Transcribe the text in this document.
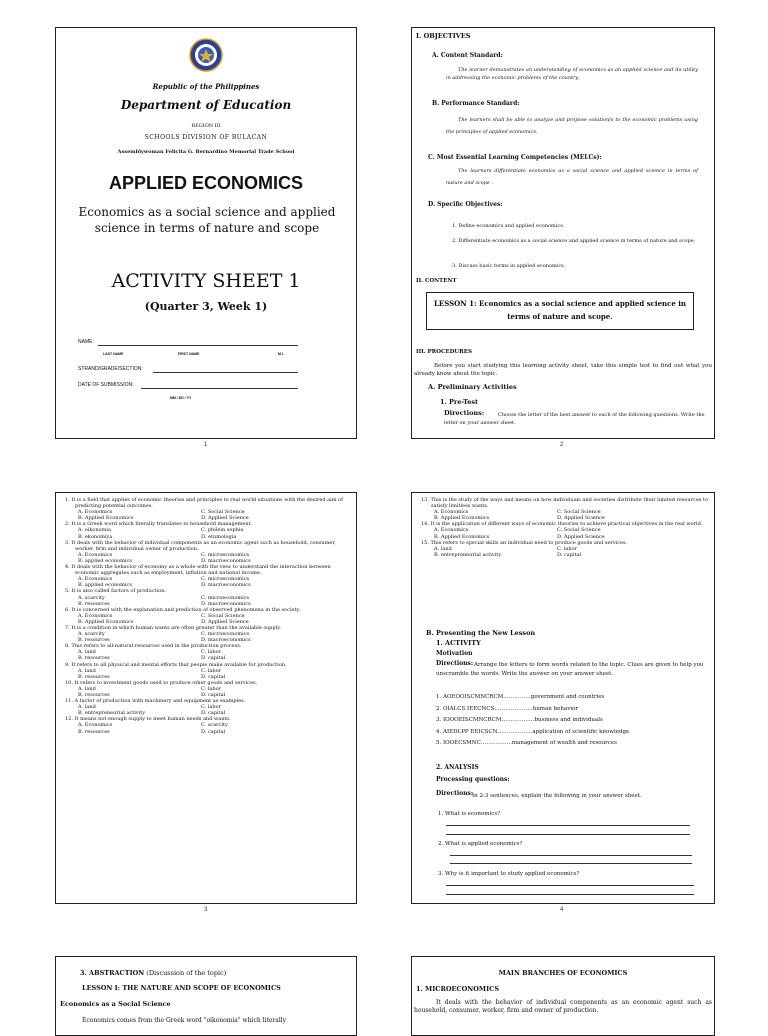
Republic of the Philippines
Department of Education
REGION III
SCHOOLS DIVISION OF BULACAN
Assemblywoman Felicita G. Bernardino Memorial Trade School
APPLIED ECONOMICS
Economics as a social science and applied science in terms of nature and scope
ACTIVITY SHEET 1
(Quarter 3, Week 1)
NAME:
LAST NAME	FIRST NAME	M.I.
STRAND/GRADE/SECTION:
DATE OF SUBMISSION:
MM / DD / YY
1
I. OBJECTIVES
A. Content Standard:
The learner demonstrates an understanding of economics as an applied science and its utility in addressing the economic problems of the country.
B. Performance Standard:
The learners shall be able to analyze and propose solution/s to the economic problems using the principles of applied economics.
C. Most Essential Learning Competencies (MELCs):
The learners differentiate economics as a social science and applied science in terms of nature and scope .
D. Specific Objectives:
1. Define economics and applied economics.
2. Differentiate economics as a social science and applied science in terms of nature and scope.
3. Discuss basic terms in applied economics.
II. CONTENT
LESSON 1: Economics as a social science and applied science in terms of nature and scope.
III. PROCEDURES
Before you start studying this learning activity sheet, take this simple test to find out what you already know about the topic.
A. Preliminary Activities
1. Pre-Test
Directions:	Choose the letter of the best answer to each of the following questions. Write the letter on your answer sheet.
2
1. It is a field that applies of economic theories and principles to real world situations with the desired aim of predicting potential outcomes.
A. Economics	C. Social Science
B. Applied Economics	D. Applied Science
2. It is a Greek word which literally translates to household management.
A. oikonomia	C. philein sophia
B. ekonomiya	D. etumologia
3. It deals with the behavior of individual components as an economic agent such as household, consumer, worker, firm and individual owner of production.
A. Economics	C. microeconomics
B. applied economics	D. macroeconomics
4. It deals with the behavior of economy as a whole with the view to understand the interaction between economic aggregates such as employment, inflation and national income.
A. Economics	C. microeconomics
B. applied economics	D. macroeconomics
5. It is also called factors of production.
A. scarcity	C. microeconomics
B. resources	D. macroeconomics
6. It is concerned with the explanation and prediction of observed phenomena in the society.
A. Economics	C. Social Science
B. Applied Economics	D. Applied Science
7. It is a condition in which human wants are often greater than the available supply.
A. scarcity	C. microeconomics
B. resources	D. macroeconomics
8. This refers to all-natural resources used in the production process.
A. land	C. labor
B. resources	D. capital
9. It refers to all physical and mental efforts that people make available for production.
A. land	C. labor
B. resources	D. capital
10. It refers to investment goods used to produce other goods and services.
A. land	C. labor
B. resources	D. capital
11. A factor of production with machinery and equipment as examples.
A. land	C. labor
B. entrepreneurial activity	D. capital
12. It means not enough supply to meet human needs and wants.
A. Economics	C. scarcity
B. resources	D. capital
3
13. This is the study of the ways and means on how individuals and societies distribute their limited resources to satisfy limitless wants.
A. Economics	C. Social Science
B. Applied Economics	D. Applied Science
14. It is the application of different ways of economic theories to achieve practical objectives in the real world.
A. Economics	C. Social Science
B. Applied Economics	D. Applied Science
15. This refers to special skills an individual need to produce goods and services.
A. land	C. labor
B. entrepreneurial activity	D. capital
B. Presenting the New Lesson
1. ACTIVITY
Motivation
Directions: Arrange the letters to form words related to the topic. Clues are given to help you unscramble the words. Write the answer on your answer sheet.
1. AOEOOISCMNCRCM……………government and countries
2. OIALCS IEECNCS…………………human behavior
3. IOOOEISCMNCRCM………………business and individuals
4. AIEDLPP EEICSCN……………….application of scientific knowledge
5. IOOECSMNC……………..management of wealth and resources
2. ANALYSIS
Processing questions:
Directions:
In 2-3 sentences, explain the following in your answer sheet.
1. What is economics?
2. What is applied economics?
3. Why is it important to study applied economics?
4
3. ABSTRACTION (Discussion of the topic)
LESSON I: THE NATURE AND SCOPE OF ECONOMICS
Economics as a Social Science
Economics comes from the Greek word "oikonomia" which literally
MAIN BRANCHES OF ECONOMICS
1. MICROECONOMICS
It deals with the behavior of individual components as an economic agent such as household, consumer, worker, firm and owner of production.
